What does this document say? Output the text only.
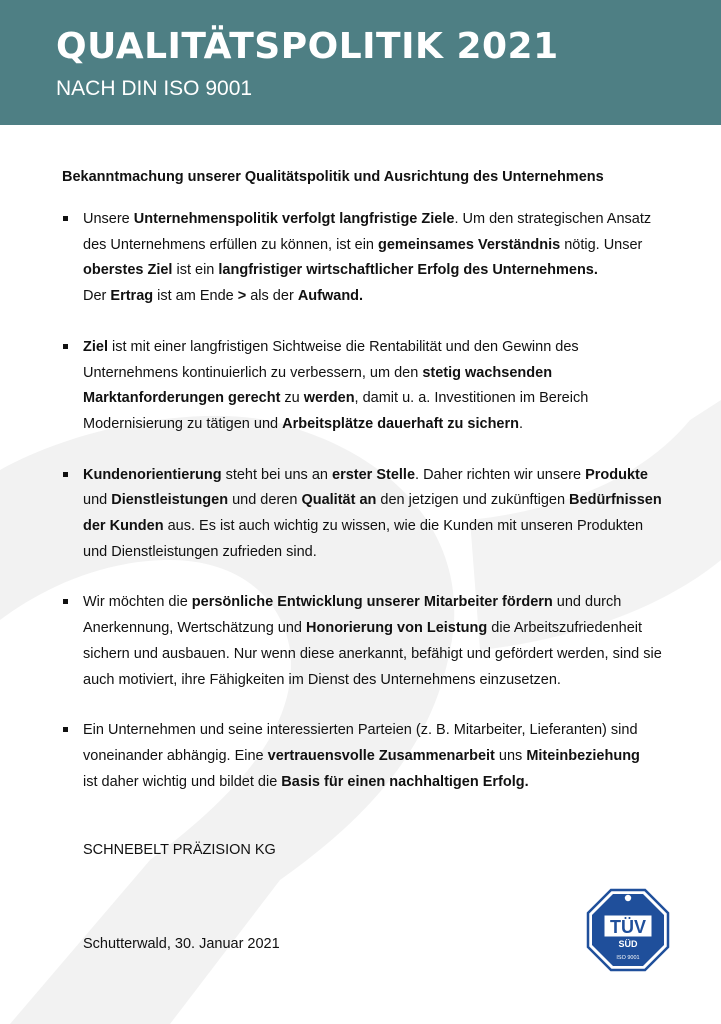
QUALITÄTSPOLITIK 2021
NACH DIN ISO 9001
Bekanntmachung unserer Qualitätspolitik und Ausrichtung des Unternehmens

Unsere Unternehmenspolitik verfolgt langfristige Ziele. Um den strategischen Ansatz
des Unternehmens erfüllen zu können, ist ein gemeinsames Verständnis nötig. Unser
oberstes Ziel ist ein langfristiger wirtschaftlicher Erfolg des Unternehmens.
Der Ertrag ist am Ende > als der Aufwand.

Ziel ist mit einer langfristigen Sichtweise die Rentabilität und den Gewinn des
Unternehmens kontinuierlich zu verbessern, um den stetig wachsenden
Marktanforderungen gerecht zu werden, damit u. a. Investitionen im Bereich
Modernisierung zu tätigen und Arbeitsplätze dauerhaft zu sichern.

Kundenorientierung steht bei uns an erster Stelle. Daher richten wir unsere Produkte
und Dienstleistungen und deren Qualität an den jetzigen und zukünftigen Bedürfnissen
der Kunden aus. Es ist auch wichtig zu wissen, wie die Kunden mit unseren Produkten
und Dienstleistungen zufrieden sind.

Wir möchten die persönliche Entwicklung unserer Mitarbeiter fördern und durch
Anerkennung, Wertschätzung und Honorierung von Leistung die Arbeitszufriedenheit
sichern und ausbauen. Nur wenn diese anerkannt, befähigt und gefördert werden, sind sie
auch motiviert, ihre Fähigkeiten im Dienst des Unternehmens einzusetzen.

Ein Unternehmen und seine interessierten Parteien (z. B. Mitarbeiter, Lieferanten) sind
voneinander abhängig. Eine vertrauensvolle Zusammenarbeit uns Miteinbeziehung
ist daher wichtig und bildet die Basis für einen nachhaltigen Erfolg.

SCHNEBELT PRÄZISION KG
Schutterwald, 30. Januar 2021
TÜV
SÜD
ISO 9001
